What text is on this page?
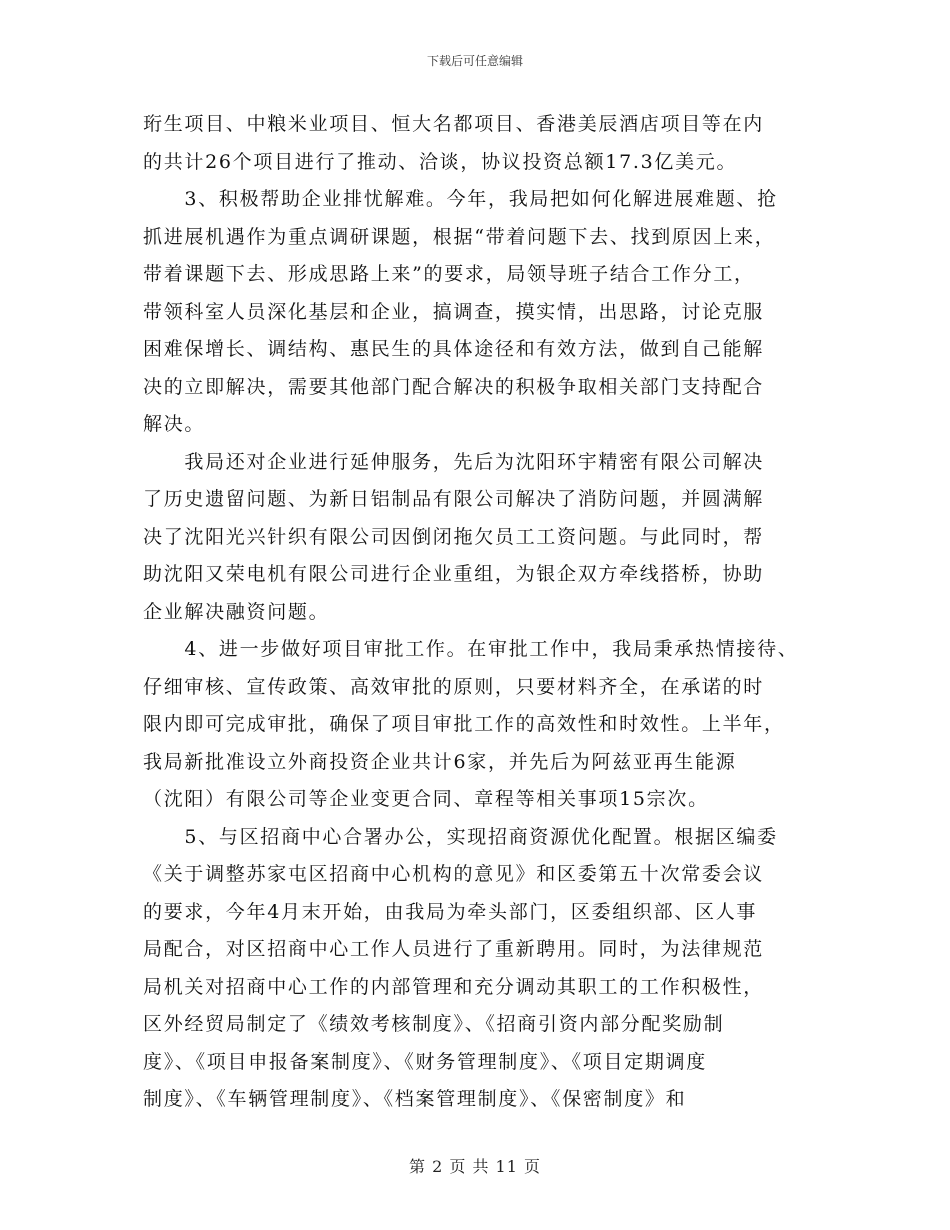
下载后可任意编辑
珩生项目、中粮米业项目、恒大名都项目、香港美辰酒店项目等在内
的共计26个项目进行了推动、洽谈，协议投资总额17.3亿美元。
　　3、积极帮助企业排忧解难。今年，我局把如何化解进展难题、抢
抓进展机遇作为重点调研课题，根据“带着问题下去、找到原因上来，
带着课题下去、形成思路上来”的要求，局领导班子结合工作分工，
带领科室人员深化基层和企业，搞调查，摸实情，出思路，讨论克服
困难保增长、调结构、惠民生的具体途径和有效方法，做到自己能解
决的立即解决，需要其他部门配合解决的积极争取相关部门支持配合
解决。
　　我局还对企业进行延伸服务，先后为沈阳环宇精密有限公司解决
了历史遗留问题、为新日铝制品有限公司解决了消防问题，并圆满解
决了沈阳光兴针织有限公司因倒闭拖欠员工工资问题。与此同时，帮
助沈阳又荣电机有限公司进行企业重组，为银企双方牵线搭桥，协助
企业解决融资问题。
　　4、进一步做好项目审批工作。在审批工作中，我局秉承热情接待、
仔细审核、宣传政策、高效审批的原则，只要材料齐全，在承诺的时
限内即可完成审批，确保了项目审批工作的高效性和时效性。上半年，
我局新批准设立外商投资企业共计6家，并先后为阿兹亚再生能源
（沈阳）有限公司等企业变更合同、章程等相关事项15宗次。
　　5、与区招商中心合署办公，实现招商资源优化配置。根据区编委
《关于调整苏家屯区招商中心机构的意见》和区委第五十次常委会议
的要求，今年4月末开始，由我局为牵头部门，区委组织部、区人事
局配合，对区招商中心工作人员进行了重新聘用。同时，为法律规范
局机关对招商中心工作的内部管理和充分调动其职工的工作积极性，
区外经贸局制定了《绩效考核制度》、《招商引资内部分配奖励制
度》、《项目申报备案制度》、《财务管理制度》、《项目定期调度
制度》、《车辆管理制度》、《档案管理制度》、《保密制度》和
第 2 页 共 11 页
